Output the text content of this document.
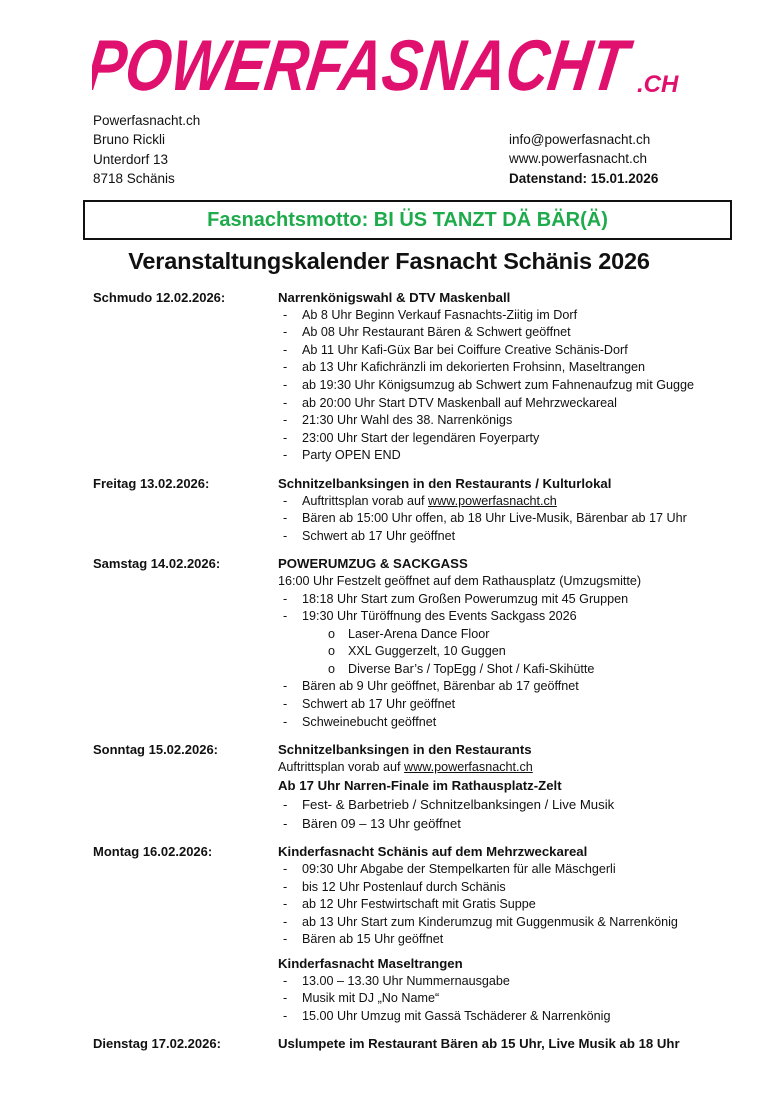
POWERFASNACHT
.CH
Powerfasnacht.ch
Bruno Rickli
Unterdorf 13
8718 Schänis
info@powerfasnacht.ch
www.powerfasnacht.ch
Datenstand: 15.01.2026
Fasnachtsmotto: BI ÜS TANZT DÄ BÄR(Ä)
Veranstaltungskalender Fasnacht Schänis 2026
Schmudo 12.02.2026:	Narrenkönigswahl & DTV Maskenball
- Ab 8 Uhr Beginn Verkauf Fasnachts-Ziitig im Dorf
- Ab 08 Uhr Restaurant Bären & Schwert geöffnet
- Ab 11 Uhr Kafi-Güx Bar bei Coiffure Creative Schänis-Dorf
- ab 13 Uhr Kafichränzli im dekorierten Frohsinn, Maseltrangen
- ab 19:30 Uhr Königsumzug ab Schwert zum Fahnenaufzug mit Gugge
- ab 20:00 Uhr Start DTV Maskenball auf Mehrzweckareal
- 21:30 Uhr Wahl des 38. Narrenkönigs
- 23:00 Uhr Start der legendären Foyerparty
- Party OPEN END
Freitag 13.02.2026:	Schnitzelbanksingen in den Restaurants / Kulturlokal
- Auftrittsplan vorab auf www.powerfasnacht.ch
- Bären ab 15:00 Uhr offen, ab 18 Uhr Live-Musik, Bärenbar ab 17 Uhr
- Schwert ab 17 Uhr geöffnet
Samstag 14.02.2026:	POWERUMZUG & SACKGASS
16:00 Uhr Festzelt geöffnet auf dem Rathausplatz (Umzugsmitte)
- 18:18 Uhr Start zum Großen Powerumzug mit 45 Gruppen
- 19:30 Uhr Türöffnung des Events Sackgass 2026
o Laser-Arena Dance Floor
o XXL Guggerzelt, 10 Guggen
o Diverse Bar’s / TopEgg / Shot / Kafi-Skihütte
- Bären ab 9 Uhr geöffnet, Bärenbar ab 17 geöffnet
- Schwert ab 17 Uhr geöffnet
- Schweinebucht geöffnet
Sonntag 15.02.2026:	Schnitzelbanksingen in den Restaurants
Auftrittsplan vorab auf www.powerfasnacht.ch
Ab 17 Uhr Narren-Finale im Rathausplatz-Zelt
- Fest- & Barbetrieb / Schnitzelbanksingen / Live Musik
- Bären 09 – 13 Uhr geöffnet
Montag 16.02.2026:	Kinderfasnacht Schänis auf dem Mehrzweckareal
- 09:30 Uhr Abgabe der Stempelkarten für alle Mäschgerli
- bis 12 Uhr Postenlauf durch Schänis
- ab 12 Uhr Festwirtschaft mit Gratis Suppe
- ab 13 Uhr Start zum Kinderumzug mit Guggenmusik & Narrenkönig
- Bären ab 15 Uhr geöffnet
Kinderfasnacht Maseltrangen
- 13.00 – 13.30 Uhr Nummernausgabe
- Musik mit DJ „No Name“
- 15.00 Uhr Umzug mit Gassä Tschäderer & Narrenkönig
Dienstag 17.02.2026:	Uslumpete im Restaurant Bären ab 15 Uhr, Live Musik ab 18 Uhr
